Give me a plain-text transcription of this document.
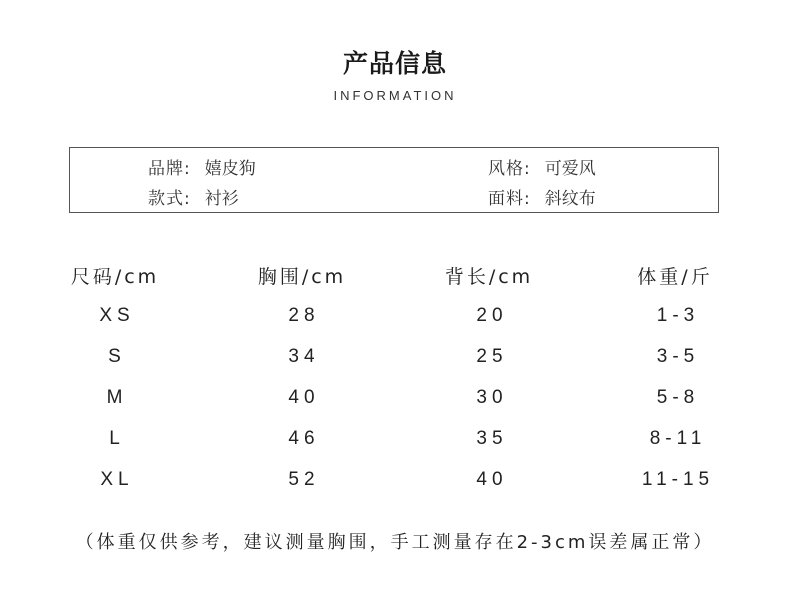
产品信息
INFORMATION
品牌: 嬉皮狗
款式: 衬衫
风格: 可爱风
面料: 斜纹布
尺码/cm	胸围/cm	背长/cm	体重/斤
XS	28	20	1-3
S	34	25	3-5
M	40	30	5-8
L	46	35	8-11
XL	52	40	11-15
（体重仅供参考，建议测量胸围，手工测量存在2-3cm误差属正常）
